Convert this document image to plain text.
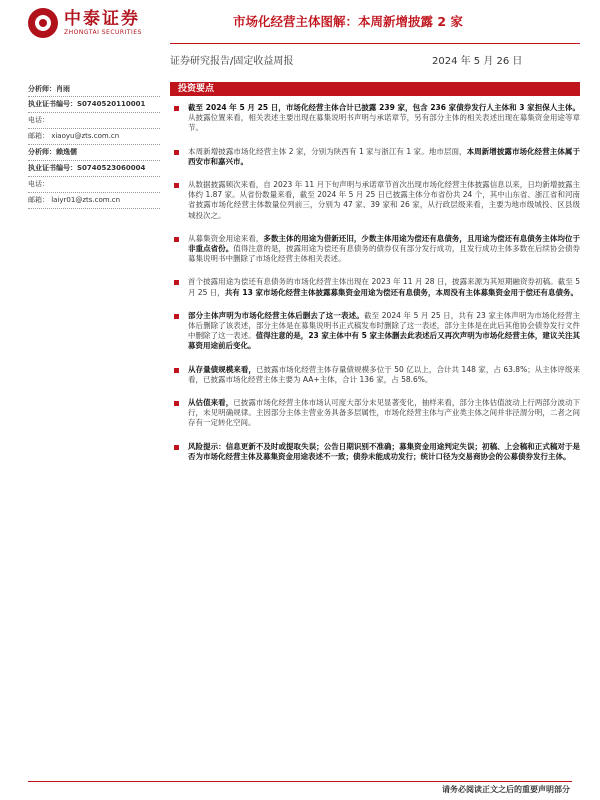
中泰证券
ZHONGTAI SECURITIES
市场化经营主体图解：本周新增披露 2 家
证券研究报告/固定收益周报	2024 年 5 月 26 日
分析师：肖雨
执业证书编号：S0740520110001
电话：
邮箱： xiaoyu@zts.com.cn
分析师：赖逸儒
执业证书编号：S0740523060004
电话：
邮箱： laiyr01@zts.com.cn
投资要点
截至 2024 年 5 月 25 日，市场化经营主体合计已披露 239 家，包含 236 家债券发行人主体和 3 家担保人主体。从披露位置来看，相关表述主要出现在募集说明书声明与承诺章节，另有部分主体的相关表述出现在募集资金用途等章节。
本周新增披露市场化经营主体 2 家，分别为陕西有 1 家与浙江有 1 家。地市层面，本周新增披露市场化经营主体属于西安市和嘉兴市。
从数据披露频次来看，自 2023 年 11 月下旬声明与承诺章节首次出现市场化经营主体披露信息以来，日均新增披露主体约 1.87 家。从省份数量来看，截至 2024 年 5 月 25 日已披露主体分布省份共 24 个，其中山东省、浙江省和河南省披露市场化经营主体数量位列前三，分别为 47 家、39 家和 26 家，从行政层级来看，主要为地市级城投、区县级城投次之。
从募集资金用途来看，多数主体的用途为借新还旧，少数主体用途为偿还有息债务，且用途为偿还有息债务主体均位于非重点省份。值得注意的是，披露用途为偿还有息债务的债券仅有部分发行成功，且发行成功主体多数在后续协会债券募集说明书中删除了市场化经营主体相关表述。
首个披露用途为偿还有息债务的市场化经营主体出现在 2023 年 11 月 28 日，披露来源为其短期融资券初稿。截至 5 月 25 日，共有 13 家市场化经营主体披露募集资金用途为偿还有息债务，本周没有主体募集资金用于偿还有息债务。
部分主体声明为市场化经营主体后删去了这一表述。截至 2024 年 5 月 25 日，共有 23 家主体声明为市场化经营主体后删除了该表述，部分主体是在募集说明书正式稿发布时删除了这一表述，部分主体是在此后其他协会债券发行文件中删除了这一表述。值得注意的是，23 家主体中有 5 家主体删去此表述后又再次声明为市场化经营主体，建议关注其募资用途前后变化。
从存量债规模来看，已披露市场化经营主体存量债规模多位于 50 亿以上，合计共 148 家，占 63.8%；从主体评级来看，已披露市场化经营主体主要为 AA+主体，合计 136 家，占 58.6%。
从估值来看，已披露市场化经营主体市场认可度大部分未见显著变化，抽样来看，部分主体估值波动上行两部分波动下行，未见明确规律。主因部分主体主营业务具备多层属性，市场化经营主体与产业类主体之间并非泾渭分明，二者之间存有一定转化空间。
风险提示：信息更新不及时或提取失误；公告日期识别不准确；募集资金用途判定失误；初稿、上会稿和正式稿对于是否为市场化经营主体及募集资金用途表述不一致；债券未能成功发行；统计口径为交易商协会的公募债券发行主体。
请务必阅读正文之后的重要声明部分
